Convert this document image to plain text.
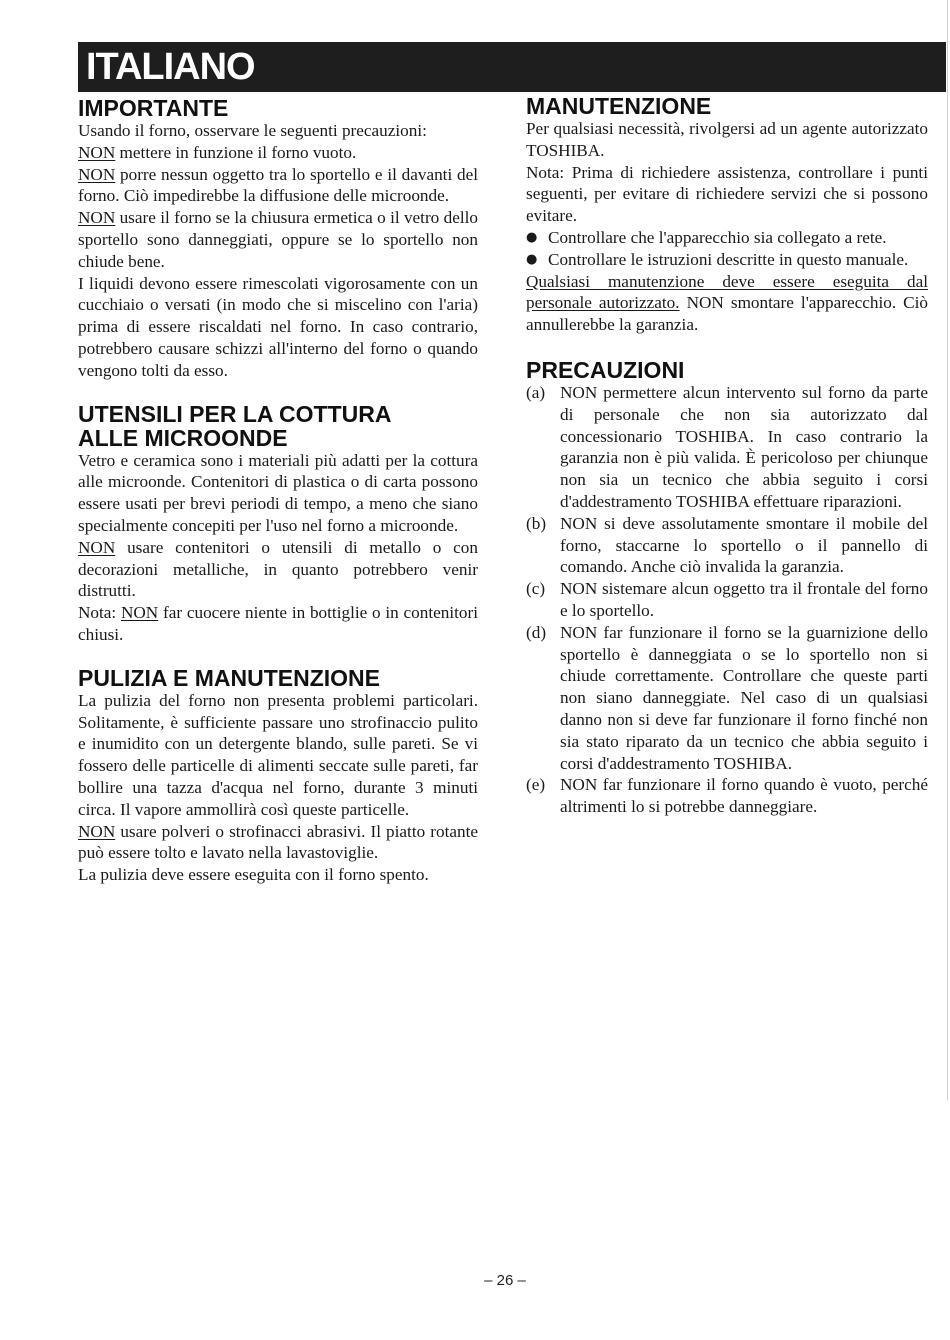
ITALIANO
IMPORTANTE

Usando il forno, osservare le seguenti precauzioni:

NON mettere in funzione il forno vuoto.

NON porre nessun oggetto tra lo sportello e il davanti del forno. Ciò impedirebbe la diffusione delle microonde.

NON usare il forno se la chiusura ermetica o il vetro dello sportello sono danneggiati, oppure se lo sportello non chiude bene.

I liquidi devono essere rimescolati vigorosamente con un cucchiaio o versati (in modo che si miscelino con l'aria) prima di essere riscaldati nel forno. In caso contrario, potrebbero causare schizzi all'interno del forno o quando vengono tolti da esso.

UTENSILI PER LA COTTURA
ALLE MICROONDE

Vetro e ceramica sono i materiali più adatti per la cottura alle microonde. Contenitori di plastica o di carta possono essere usati per brevi periodi di tempo, a meno che siano specialmente concepiti per l'uso nel forno a microonde.

NON usare contenitori o utensili di metallo o con decorazioni metalliche, in quanto potrebbero venir distrutti.

Nota: NON far cuocere niente in bottiglie o in contenitori chiusi.

PULIZIA E MANUTENZIONE

La pulizia del forno non presenta problemi particolari. Solitamente, è sufficiente passare uno strofinaccio pulito e inumidito con un detergente blando, sulle pareti. Se vi fossero delle particelle di alimenti seccate sulle pareti, far bollire una tazza d'acqua nel forno, durante 3 minuti circa. Il vapore ammollirà così queste particelle.

NON usare polveri o strofinacci abrasivi. Il piatto rotante può essere tolto e lavato nella lavastoviglie.

La pulizia deve essere eseguita con il forno spento.

MANUTENZIONE

Per qualsiasi necessità, rivolgersi ad un agente autorizzato TOSHIBA.

Nota: Prima di richiedere assistenza, controllare i punti seguenti, per evitare di richiedere servizi che si possono evitare.

● Controllare che l'apparecchio sia collegato a rete.
● Controllare le istruzioni descritte in questo manuale.

Qualsiasi manutenzione deve essere eseguita dal personale autorizzato. NON smontare l'apparecchio. Ciò annullerebbe la garanzia.

PRECAUZIONI
(a) NON permettere alcun intervento sul forno da parte di personale che non sia autorizzato dal concessionario TOSHIBA. In caso contrario la garanzia non è più valida. È pericoloso per chiunque non sia un tecnico che abbia seguito i corsi d'addestramento TOSHIBA effettuare riparazioni.
(b) NON si deve assolutamente smontare il mobile del forno, staccarne lo sportello o il pannello di comando. Anche ciò invalida la garanzia.
(c) NON sistemare alcun oggetto tra il frontale del forno e lo sportello.
(d) NON far funzionare il forno se la guarnizione dello sportello è danneggiata o se lo sportello non si chiude correttamente. Controllare che queste parti non siano danneggiate. Nel caso di un qualsiasi danno non si deve far funzionare il forno finché non sia stato riparato da un tecnico che abbia seguito i corsi d'addestramento TOSHIBA.
(e) NON far funzionare il forno quando è vuoto, perché altrimenti lo si potrebbe danneggiare.
– 26 –
